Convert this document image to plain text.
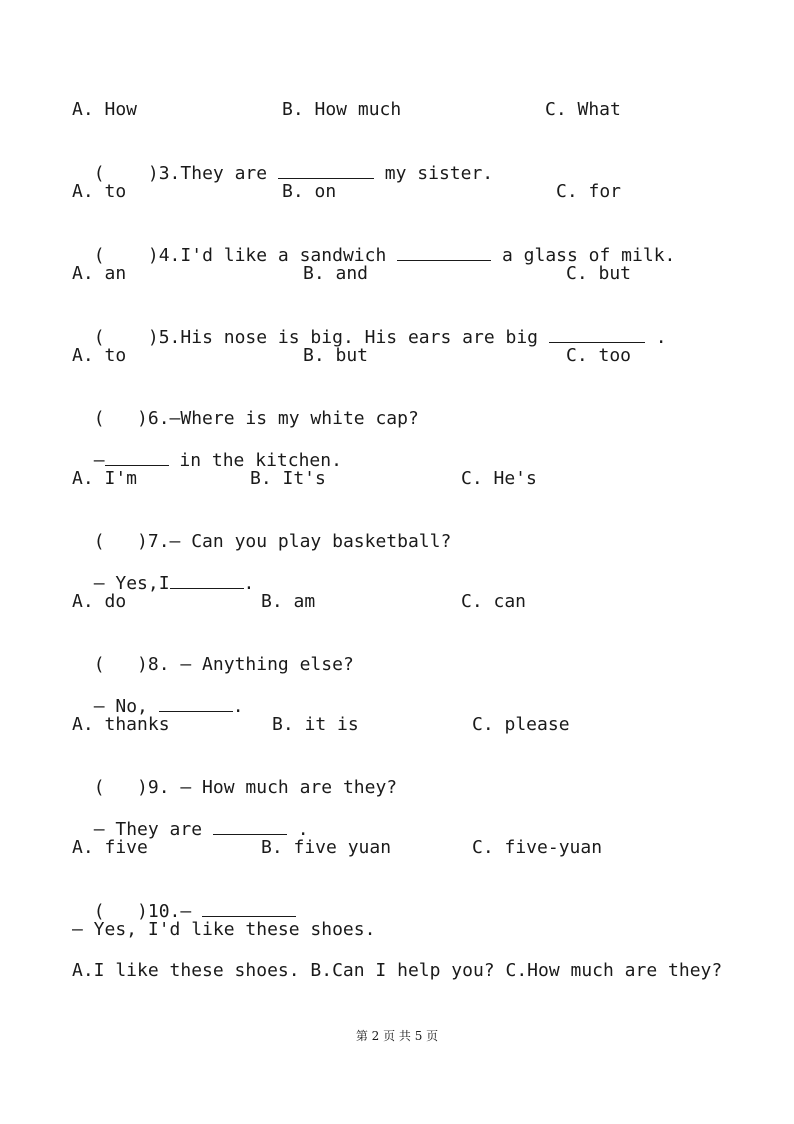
A. How	B. How much	C. What

(    )3.They are	my sister.

A. to	B. on	C. for

(    )4.I'd like a sandwich	a glass of milk.

A. an	B. and	C. but

(    )5.His nose is big. His ears are big	.

A. to	B. but	C. too

(   )6.—Where is my white cap?

—	in the kitchen.

A. I'm	B. It's	C. He's

(   )7.— Can you play basketball?

— Yes,I	.

A. do	B. am	C. can

(   )8. — Anything else?

— No,	.

A. thanks	B. it is	C. please

(   )9. — How much are they?

— They are	.

A. five	B. five yuan	C. five-yuan

(   )10.—

— Yes, I'd like these shoes.
A.I like these shoes. B.Can I help you? C.How much are they?
第 2 页 共 5 页
